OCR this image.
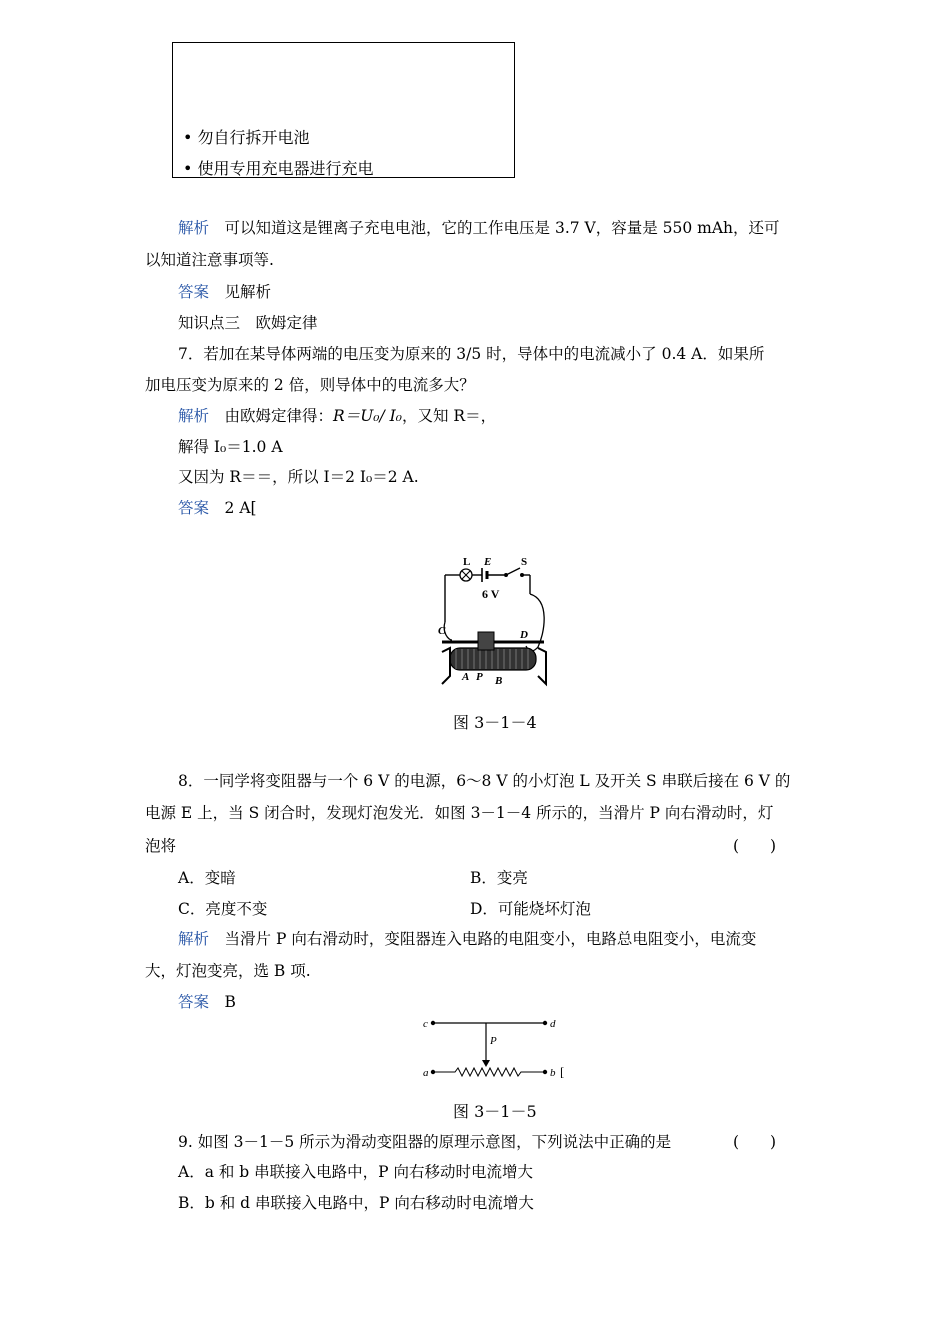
• 勿自行拆开电池
• 使用专用充电器进行充电
解析　 可以知道这是锂离子充电电池，它的工作电压是 3.7 V，容量是 550 mAh，还可
以知道注意事项等.
答案　 见解析
知识点三　欧姆定律
7．若加在某导体两端的电压变为原来的 3/5 时，导体中的电流减小了 0.4 A．如果所
加电压变为原来的 2 倍，则导体中的电流多大？
解析　 由欧姆定律得：R＝U₀/ I₀，又知 R＝，
解得 I₀＝1.0 A
又因为 R＝＝，所以 I＝2 I₀＝2 A.
答案　 2 A[
L E	S
6 V
C	D
A P B
图 3－1－4
8．一同学将变阻器与一个 6 V 的电源，6～8 V 的小灯泡 L 及开关 S 串联后接在 6 V 的
电源 E 上，当 S 闭合时，发现灯泡发光．如图 3－1－4 所示的，当滑片 P 向右滑动时，灯
泡将	(　　)
A．变暗	B．变亮
C．亮度不变	D．可能烧坏灯泡
解析　 当滑片 P 向右滑动时，变阻器连入电路的电阻变小，电路总电阻变小，电流变
大，灯泡变亮，选 B 项.
答案　 B
c	d
P
a	b [
图 3－1－5
9. 如图 3－1－5 所示为滑动变阻器的原理示意图，下列说法中正确的是	(　　)
A．a 和 b 串联接入电路中，P 向右移动时电流增大
B．b 和 d 串联接入电路中，P 向右移动时电流增大
